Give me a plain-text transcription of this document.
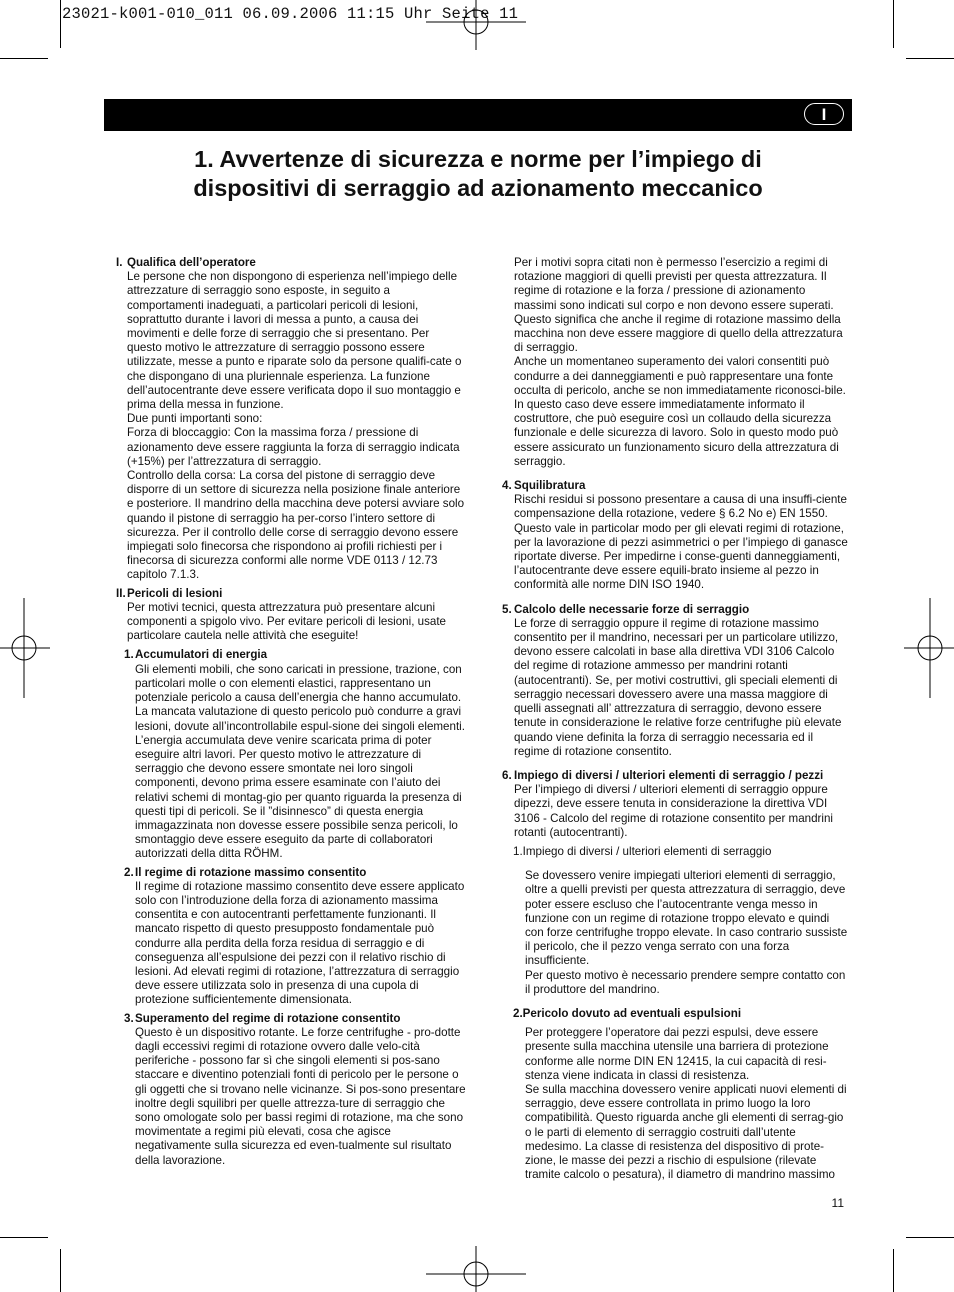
23021-k001-010_011 06.09.2006 11:15 Uhr Seite 11
I
1. Avvertenze di sicurezza e norme per l’impiego di
dispositivi di serraggio ad azionamento meccanico
I. Qualifica dell’operatore
Le persone che non dispongono di esperienza nell’impiego delle attrezzature di serraggio sono esposte, in seguito a comportamenti inadeguati, a particolari pericoli di lesioni, soprattutto durante i lavori di messa a punto, a causa dei movimenti e delle forze di serraggio che si presentano. Per questo motivo le attrezzature di serraggio possono essere utilizzate, messe a punto e riparate solo da persone qualifi-cate o che dispongano di una pluriennale esperienza. La funzione dell’autocentrante deve essere verificata dopo il suo montaggio e prima della messa in funzione.
Due punti importanti sono:
Forza di bloccaggio: Con la massima forza / pressione di azionamento deve essere raggiunta la forza di serraggio indicata (+15%) per l’attrezzatura di serraggio.
Controllo della corsa: La corsa del pistone di serraggio deve disporre di un settore di sicurezza nella posizione finale anteriore e posteriore. Il mandrino della macchina deve potersi avviare solo quando il pistone di serraggio ha per-corso l’intero settore di sicurezza. Per il controllo delle corse di serraggio devono essere impiegati solo finecorsa che rispondono ai profili richiesti per i finecorsa di sicurezza conformi alle norme VDE 0113 / 12.73 capitolo 7.1.3.
II. Pericoli di lesioni
Per motivi tecnici, questa attrezzatura può presentare alcuni componenti a spigolo vivo. Per evitare pericoli di lesioni, usate particolare cautela nelle attività che eseguite!
1. Accumulatori di energia
Gli elementi mobili, che sono caricati in pressione, trazione, con particolari molle o con elementi elastici, rappresentano un potenziale pericolo a causa dell’energia che hanno accumulato. La mancata valutazione di questo pericolo può condurre a gravi lesioni, dovute all’incontrollabile espul-sione dei singoli elementi. L’energia accumulata deve venire scaricata prima di poter eseguire altri lavori. Per questo motivo le attrezzature di serraggio che devono essere smontate nei loro singoli componenti, devono prima essere esaminate con l’aiuto dei relativi schemi di montag-gio per quanto riguarda la presenza di questi tipi di pericoli. Se il ”disinnesco” di questa energia immagazzinata non dovesse essere possibile senza pericoli, lo smontaggio deve essere eseguito da parte di collaboratori autorizzati della ditta RÖHM.
2. Il regime di rotazione massimo consentito
Il regime di rotazione massimo consentito deve essere applicato solo con l’introduzione della forza di azionamento massima consentita e con autocentranti perfettamente funzionanti. Il mancato rispetto di questo presupposto fondamentale può condurre alla perdita della forza residua di serraggio e di conseguenza all’espulsione dei pezzi con il relativo rischio di lesioni. Ad elevati regimi di rotazione, l’attrezzatura di serraggio deve essere utilizzata solo in presenza di una cupola di protezione sufficientemente dimensionata.
3. Superamento del regime di rotazione consentito
Questo è un dispositivo rotante. Le forze centrifughe - pro-dotte dagli eccessivi regimi di rotazione ovvero dalle velo-cità periferiche - possono far sì che singoli elementi si pos-sano staccare e diventino potenziali fonti di pericolo per le persone o gli oggetti che si trovano nelle vicinanze. Si pos-sono presentare inoltre degli squilibri per quelle attrezza-ture di serraggio che sono omologate solo per bassi regimi di rotazione, ma che sono movimentate a regimi più elevati, cosa che agisce negativamente sulla sicurezza ed even-tualmente sul risultato della lavorazione.
Per i motivi sopra citati non è permesso l’esercizio a regimi di rotazione maggiori di quelli previsti per questa attrezzatura. Il regime di rotazione e la forza / pressione di azionamento massimi sono indicati sul corpo e non devono essere superati. Questo significa che anche il regime di rotazione massimo della macchina non deve essere maggiore di quello della attrezzatura di serraggio.
Anche un momentaneo superamento dei valori consentiti può condurre a dei danneggiamenti e può rappresentare una fonte occulta di pericolo, anche se non immediatamente riconosci-bile. In questo caso deve essere immediatamente informato il costruttore, che può eseguire così un collaudo della sicurezza funzionale e delle sicurezza di lavoro. Solo in questo modo può essere assicurato un funzionamento sicuro della attrezzatura di serraggio.
4. Squilibratura
Rischi residui si possono presentare a causa di una insuffi-ciente compensazione della rotazione, vedere § 6.2 No e) EN 1550. Questo vale in particolar modo per gli elevati regimi di rotazione, per la lavorazione di pezzi asimmetrici o per l’impiego di ganasce riportate diverse. Per impedirne i conse-guenti danneggiamenti, l’autocentrante deve essere equili-brato insieme al pezzo in conformità alle norme DIN ISO 1940.
5. Calcolo delle necessarie forze di serraggio
Le forze di serraggio oppure il regime di rotazione massimo consentito per il mandrino, necessari per un particolare utilizzo, devono essere calcolati in base alla direttiva VDI 3106 Calcolo del regime di rotazione ammesso per mandrini rotanti (autocentranti). Se, per motivi costruttivi, gli speciali elementi di serraggio necessari dovessero avere una massa maggiore di quelli assegnati all’ attrezzatura di serraggio, devono essere tenute in considerazione le relative forze centrifughe più elevate quando viene definita la forza di serraggio necessaria ed il regime di rotazione consentito.
6. Impiego di diversi / ulteriori elementi di serraggio / pezzi
Per l’impiego di diversi / ulteriori elementi di serraggio oppure dipezzi, deve essere tenuta in considerazione la direttiva VDI 3106 - Calcolo del regime di rotazione consentito per mandrini rotanti (autocentranti).
1.Impiego di diversi / ulteriori elementi di serraggio
Se dovessero venire impiegati ulteriori elementi di serraggio, oltre a quelli previsti per questa attrezzatura di serraggio, deve poter essere escluso che l’autocentrante venga messo in funzione con un regime di rotazione troppo elevato e quindi con forze centrifughe troppo elevate. In caso contrario sussiste il pericolo, che il pezzo venga serrato con una forza insufficiente.
Per questo motivo è necessario prendere sempre contatto con il produttore del mandrino.
2. Pericolo dovuto ad eventuali espulsioni
Per proteggere l’operatore dai pezzi espulsi, deve essere presente sulla macchina utensile una barriera di protezione conforme alle norme DIN EN 12415, la cui capacità di resi-stenza viene indicata in classi di resistenza.
Se sulla macchina dovessero venire applicati nuovi elementi di serraggio, deve essere controllata in primo luogo la loro compatibilità. Questo riguarda anche gli elementi di serrag-gio o le parti di elemento di serraggio costruiti dall’utente medesimo. La classe di resistenza del dispositivo di prote-zione, le masse dei pezzi a rischio di espulsione (rilevate tramite calcolo o pesatura), il diametro di mandrino massimo
11
